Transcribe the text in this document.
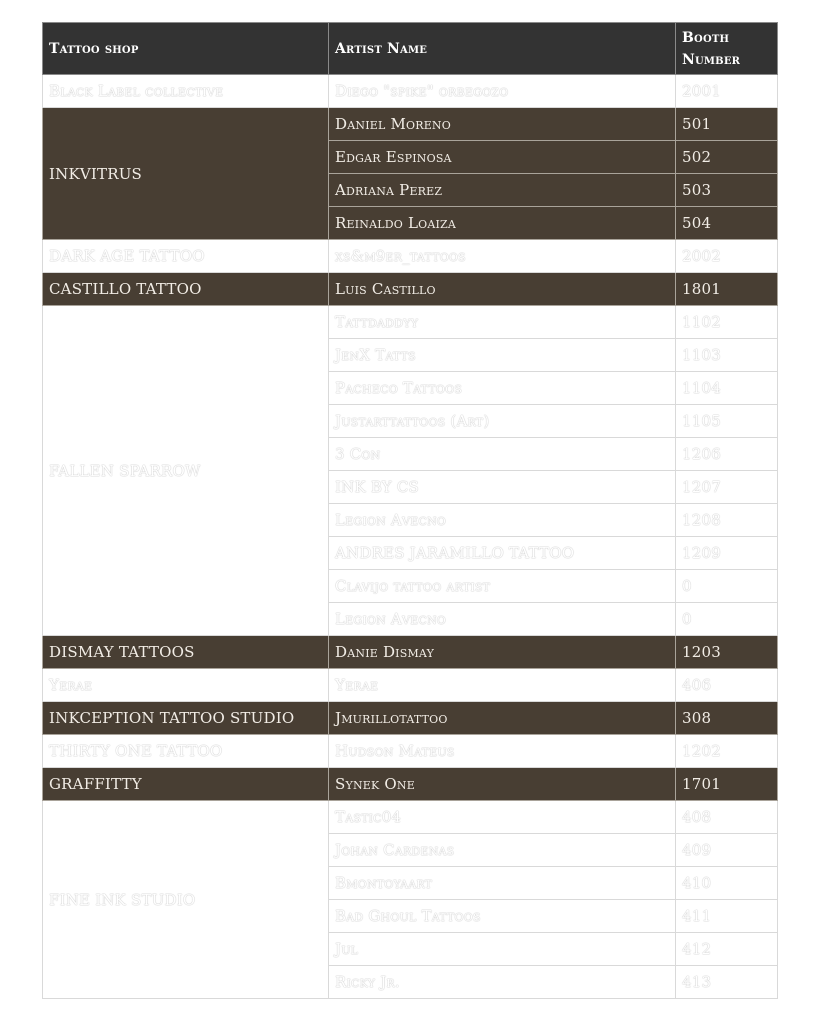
Tattoo shop	Artist Name	Booth Number
Black Label collective	Diego "spike" orbegozo	2001
INKVITRUS	Daniel Moreno	501
	Edgar Espinosa	502
	Adriana Perez	503
	Reinaldo Loaiza	504
DARK AGE TATTOO	xs&m9er_tattoos	2002
CASTILLO TATTOO	Luis Castillo	1801
FALLEN SPARROW	Tattdaddyy	1102
	JenX Tatts	1103
	Pacheco Tattoos	1104
	Justarttattoos (Art)	1105
	3 Con	1206
	INK BY CS	1207
	Legion Avecno	1208
	ANDRES JARAMILLO TATTOO	1209
	Clavijo tattoo artist	0
	Legion Avecno	0
DISMAY TATTOOS	Danie Dismay	1203
Yerae	Yerae	406
INKCEPTION TATTOO STUDIO	Jmurillotattoo	308
THIRTY ONE TATTOO	Hudson Mateus	1202
GRAFFITTY	Synek One	1701
FINE INK STUDIO	Tastic04	408
	Johan Cardenas	409
	Bmontoyaart	410
	Bad Ghoul Tattoos	411
	Jul	412
	Ricky Jr.	413
